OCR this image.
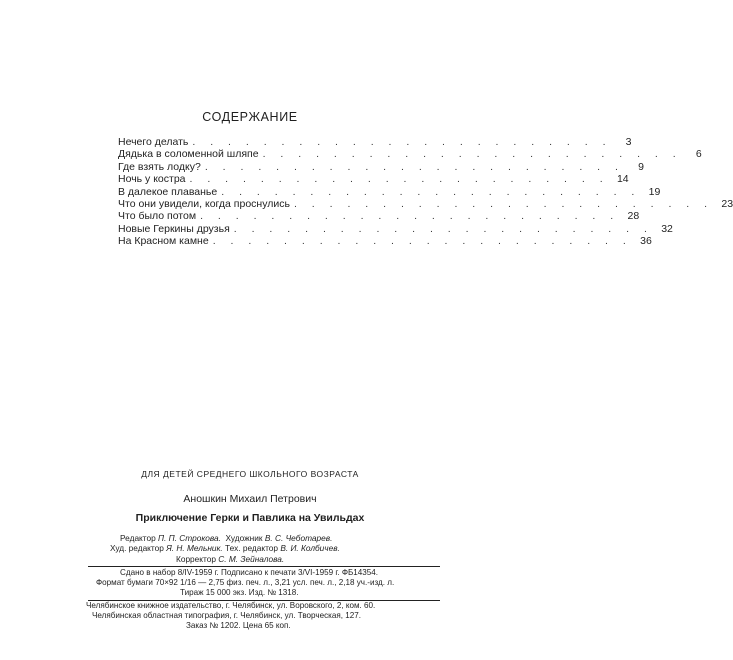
СОДЕРЖАНИЕ
Нечего делать . . . . . . . . . . . . . . . . . . . . . . . .	3
Дядька в соломенной шляпе . . . . . . . . . . . . . . . . . . . . . . . .	6
Где взять лодку? . . . . . . . . . . . . . . . . . . . . . . . .	9
Ночь у костра . . . . . . . . . . . . . . . . . . . . . . . . 14
В далекое плаванье . . . . . . . . . . . . . . . . . . . . . . . . 19
Что они увидели, когда проснулись . . . . . . . . . . . . . . . . . . . . . . . . 23
Что было потом . . . . . . . . . . . . . . . . . . . . . . . . 28
Новые Геркины друзья . . . . . . . . . . . . . . . . . . . . . . . . 32
На Красном камне . . . . . . . . . . . . . . . . . . . . . . . . 36
ДЛЯ ДЕТЕЙ СРЕДНЕГО ШКОЛЬНОГО ВОЗРАСТА
Аношкин Михаил Петрович
Приключение Герки и Павлика на Увильдах
Редактор П. П. Строкова. Художник В. С. Чеботарев.
Худ. редактор Я. Н. Мельник. Тех. редактор В. И. Колбичев.
Корректор С. М. Зейналова.
Сдано в набор 8/IV-1959 г. Подписано к печати 3/VI-1959 г. ФБ14354.
Формат бумаги 70×92 1/16 — 2,75 физ. печ. л., 3,21 усл. печ. л., 2,18 уч.-изд. л.
Тираж 15 000 экз. Изд. № 1318.
Челябинское книжное издательство, г. Челябинск, ул. Воровского, 2, ком. 60.
Челябинская областная типография, г. Челябинск, ул. Творческая, 127.
Заказ № 1202. Цена 65 коп.
